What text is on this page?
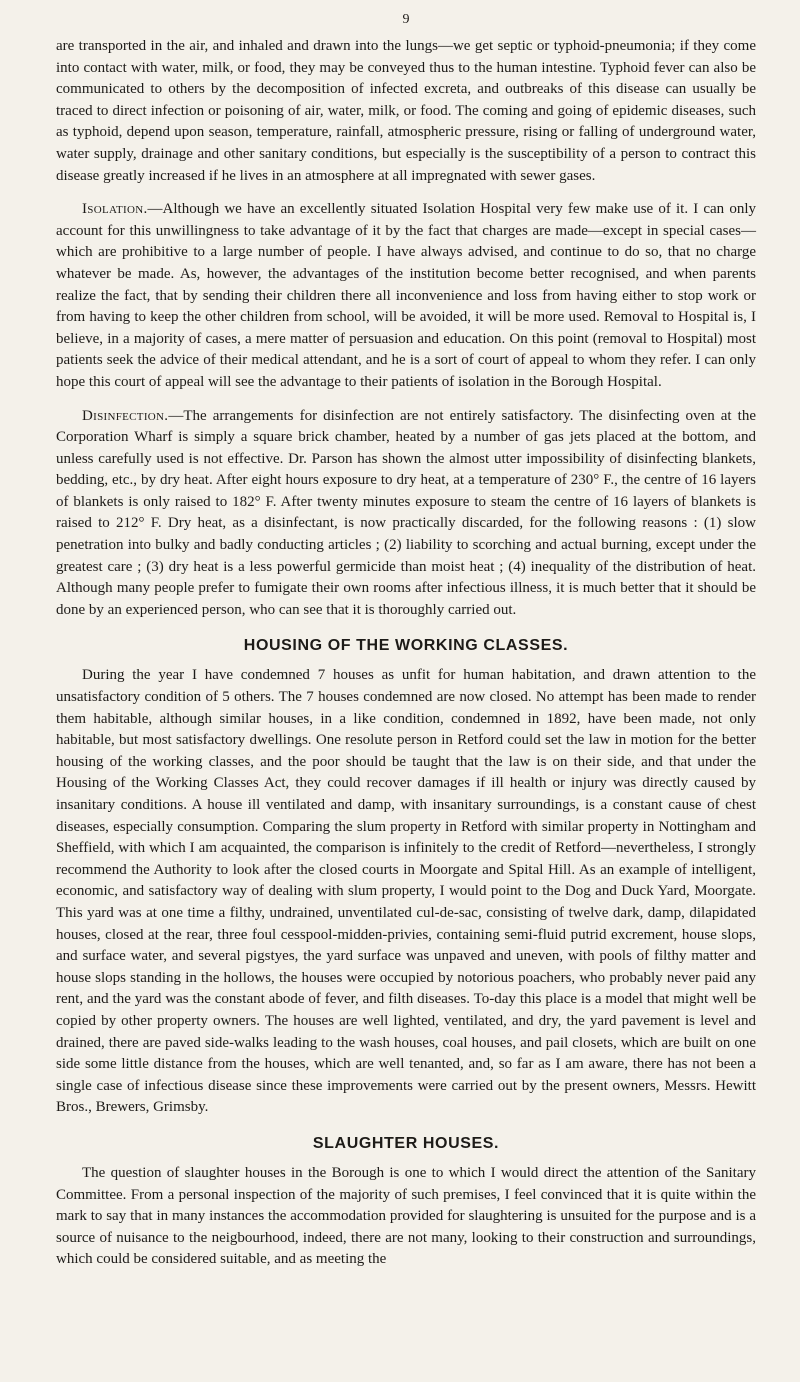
9

are transported in the air, and inhaled and drawn into the lungs—we get septic or typhoid-pneumonia; if they come into contact with water, milk, or food, they may be conveyed thus to the human intestine. Typhoid fever can also be communicated to others by the decomposition of infected excreta, and outbreaks of this disease can usually be traced to direct infection or poisoning of air, water, milk, or food. The coming and going of epidemic diseases, such as typhoid, depend upon season, temperature, rainfall, atmospheric pressure, rising or falling of underground water, water supply, drainage and other sanitary conditions, but especially is the susceptibility of a person to contract this disease greatly increased if he lives in an atmosphere at all impregnated with sewer gases.

Isolation.—Although we have an excellently situated Isolation Hospital very few make use of it. I can only account for this unwillingness to take advantage of it by the fact that charges are made—except in special cases—which are prohibitive to a large number of people. I have always advised, and continue to do so, that no charge whatever be made. As, however, the advantages of the institution become better recognised, and when parents realize the fact, that by sending their children there all inconvenience and loss from having either to stop work or from having to keep the other children from school, will be avoided, it will be more used. Removal to Hospital is, I believe, in a majority of cases, a mere matter of persuasion and education. On this point (removal to Hospital) most patients seek the advice of their medical attendant, and he is a sort of court of appeal to whom they refer. I can only hope this court of appeal will see the advantage to their patients of isolation in the Borough Hospital.

Disinfection.—The arrangements for disinfection are not entirely satisfactory. The disinfecting oven at the Corporation Wharf is simply a square brick chamber, heated by a number of gas jets placed at the bottom, and unless carefully used is not effective. Dr. Parson has shown the almost utter impossibility of disinfecting blankets, bedding, etc., by dry heat. After eight hours exposure to dry heat, at a temperature of 230° F., the centre of 16 layers of blankets is only raised to 182° F. After twenty minutes exposure to steam the centre of 16 layers of blankets is raised to 212° F. Dry heat, as a disinfectant, is now practically discarded, for the following reasons : (1) slow penetration into bulky and badly conducting articles ; (2) liability to scorching and actual burning, except under the greatest care ; (3) dry heat is a less powerful germicide than moist heat ; (4) inequality of the distribution of heat. Although many people prefer to fumigate their own rooms after infectious illness, it is much better that it should be done by an experienced person, who can see that it is thoroughly carried out.

HOUSING OF THE WORKING CLASSES.

During the year I have condemned 7 houses as unfit for human habitation, and drawn attention to the unsatisfactory condition of 5 others. The 7 houses condemned are now closed. No attempt has been made to render them habitable, although similar houses, in a like condition, condemned in 1892, have been made, not only habitable, but most satisfactory dwellings. One resolute person in Retford could set the law in motion for the better housing of the working classes, and the poor should be taught that the law is on their side, and that under the Housing of the Working Classes Act, they could recover damages if ill health or injury was directly caused by insanitary conditions. A house ill ventilated and damp, with insanitary surroundings, is a constant cause of chest diseases, especially consumption. Comparing the slum property in Retford with similar property in Nottingham and Sheffield, with which I am acquainted, the comparison is infinitely to the credit of Retford—nevertheless, I strongly recommend the Authority to look after the closed courts in Moorgate and Spital Hill. As an example of intelligent, economic, and satisfactory way of dealing with slum property, I would point to the Dog and Duck Yard, Moorgate. This yard was at one time a filthy, undrained, unventilated cul-de-sac, consisting of twelve dark, damp, dilapidated houses, closed at the rear, three foul cesspool-midden-privies, containing semi-fluid putrid excrement, house slops, and surface water, and several pigstyes, the yard surface was unpaved and uneven, with pools of filthy matter and house slops standing in the hollows, the houses were occupied by notorious poachers, who probably never paid any rent, and the yard was the constant abode of fever, and filth diseases. To-day this place is a model that might well be copied by other property owners. The houses are well lighted, ventilated, and dry, the yard pavement is level and drained, there are paved side-walks leading to the wash houses, coal houses, and pail closets, which are built on one side some little distance from the houses, which are well tenanted, and, so far as I am aware, there has not been a single case of infectious disease since these improvements were carried out by the present owners, Messrs. Hewitt Bros., Brewers, Grimsby.

SLAUGHTER HOUSES.

The question of slaughter houses in the Borough is one to which I would direct the attention of the Sanitary Committee. From a personal inspection of the majority of such premises, I feel convinced that it is quite within the mark to say that in many instances the accommodation provided for slaughtering is unsuited for the purpose and is a source of nuisance to the neigbourhood, indeed, there are not many, looking to their construction and surroundings, which could be considered suitable, and as meeting the
